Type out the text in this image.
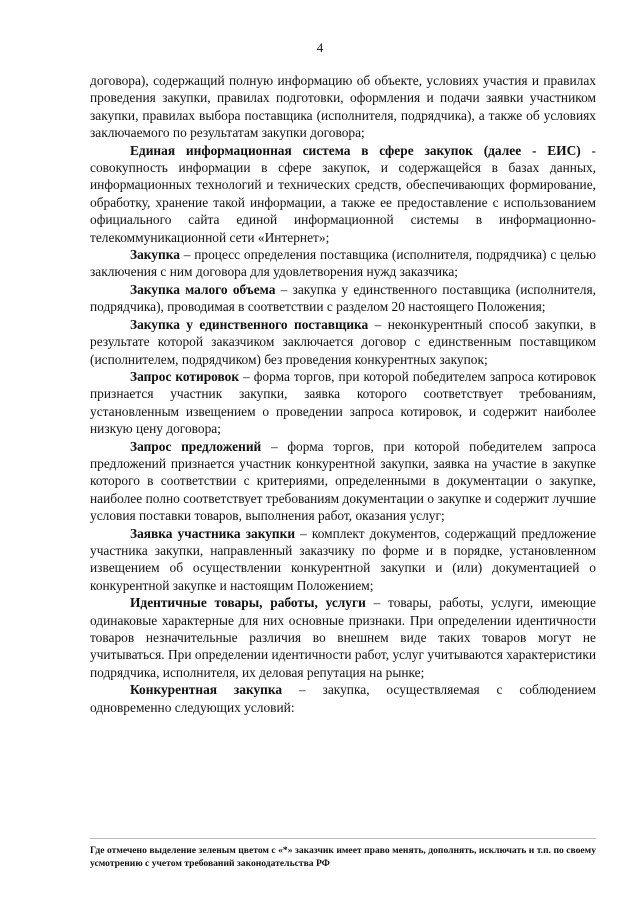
4

договора), содержащий полную информацию об объекте, условиях участия и правилах проведения закупки, правилах подготовки, оформления и подачи заявки участником закупки, правилах выбора поставщика (исполнителя, подрядчика), а также об условиях заключаемого по результатам закупки договора;

Единая информационная система в сфере закупок (далее - ЕИС) - совокупность информации в сфере закупок, и содержащейся в базах данных, информационных технологий и технических средств, обеспечивающих формирование, обработку, хранение такой информации, а также ее предоставление с использованием официального сайта единой информационной системы в информационно-телекоммуникационной сети «Интернет»;

Закупка – процесс определения поставщика (исполнителя, подрядчика) с целью заключения с ним договора для удовлетворения нужд заказчика;

Закупка малого объема – закупка у единственного поставщика (исполнителя, подрядчика), проводимая в соответствии с разделом 20 настоящего Положения;

Закупка у единственного поставщика – неконкурентный способ закупки, в результате которой заказчиком заключается договор с единственным поставщиком (исполнителем, подрядчиком) без проведения конкурентных закупок;

Запрос котировок – форма торгов, при которой победителем запроса котировок признается участник закупки, заявка которого соответствует требованиям, установленным извещением о проведении запроса котировок, и содержит наиболее низкую цену договора;

Запрос предложений – форма торгов, при которой победителем запроса предложений признается участник конкурентной закупки, заявка на участие в закупке которого в соответствии с критериями, определенными в документации о закупке, наиболее полно соответствует требованиям документации о закупке и содержит лучшие условия поставки товаров, выполнения работ, оказания услуг;

Заявка участника закупки – комплект документов, содержащий предложение участника закупки, направленный заказчику по форме и в порядке, установленном извещением об осуществлении конкурентной закупки и (или) документацией о конкурентной закупке и настоящим Положением;

Идентичные товары, работы, услуги – товары, работы, услуги, имеющие одинаковые характерные для них основные признаки. При определении идентичности товаров незначительные различия во внешнем виде таких товаров могут не учитываться. При определении идентичности работ, услуг учитываются характеристики подрядчика, исполнителя, их деловая репутация на рынке;

Конкурентная закупка – закупка, осуществляемая с соблюдением одновременно следующих условий:

Где отмечено выделение зеленым цветом с «*» заказчик имеет право менять, дополнять, исключать и т.п. по своему усмотрению с учетом требований законодательства РФ
